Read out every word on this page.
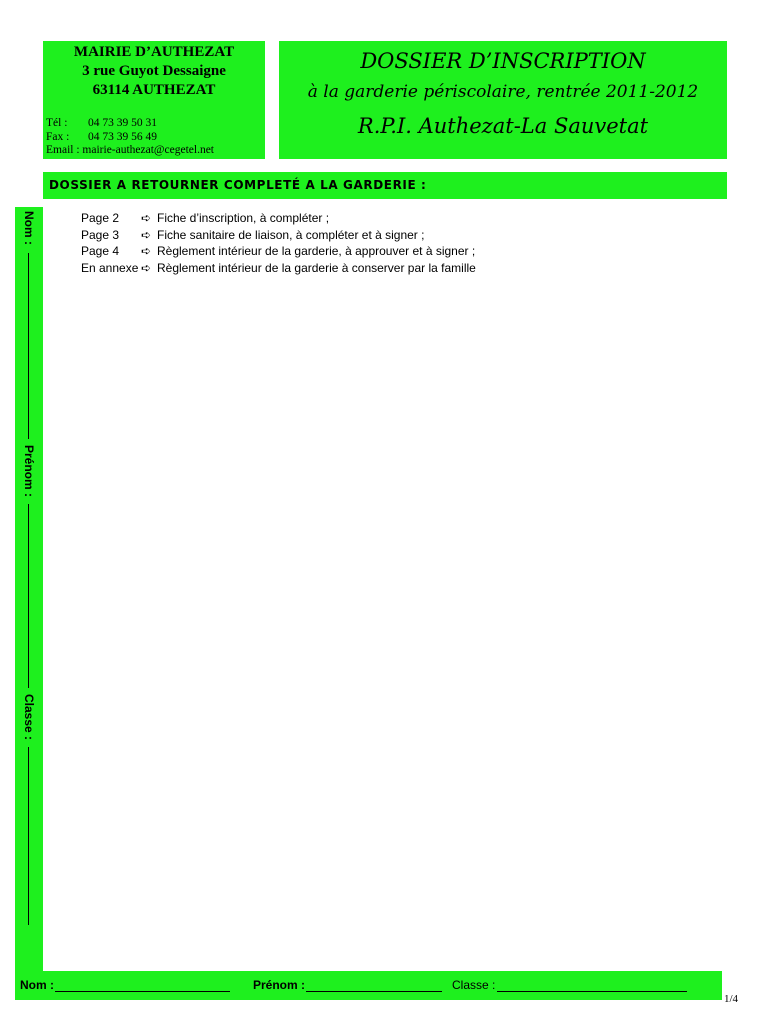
MAIRIE D’AUTHEZAT
3 rue Guyot Dessaigne
63114 AUTHEZAT
Tél : 04 73 39 50 31
Fax : 04 73 39 56 49
Email : mairie-authezat@cegetel.net
DOSSIER D’INSCRIPTION
à la garderie périscolaire, rentrée 2011-2012
R.P.I. Authezat-La Sauvetat
DOSSIER A RETOURNER COMPLETÉ A LA GARDERIE :
Nom :
Prénom :
Classe :
Page 2	➪ Fiche d’inscription, à compléter ;
Page 3	➪ Fiche sanitaire de liaison, à compléter et à signer ;
Page 4	➪ Règlement intérieur de la garderie, à approuver et à signer ;
En annexe ➪ Règlement intérieur de la garderie à conserver par la famille
Nom :	Prénom :	Classe :
1/4
